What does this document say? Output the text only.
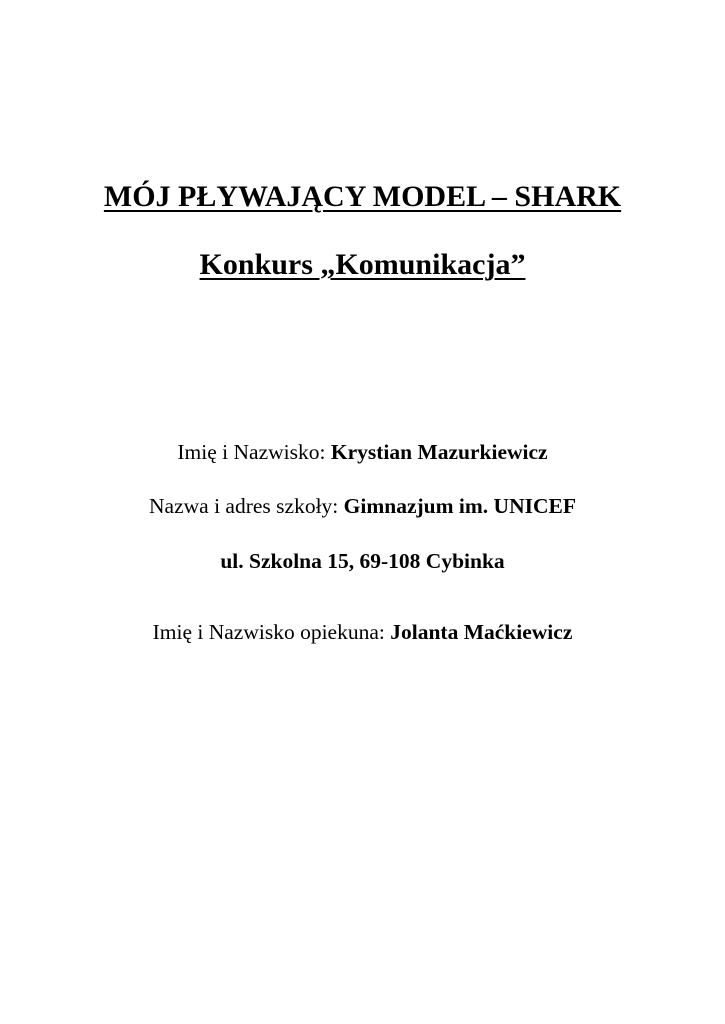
MÓJ PŁYWAJĄCY MODEL – SHARK
Konkurs „Komunikacja”
Imię i Nazwisko: Krystian Mazurkiewicz
Nazwa i adres szkoły: Gimnazjum im. UNICEF
ul. Szkolna 15, 69-108 Cybinka
Imię i Nazwisko opiekuna: Jolanta Maćkiewicz
